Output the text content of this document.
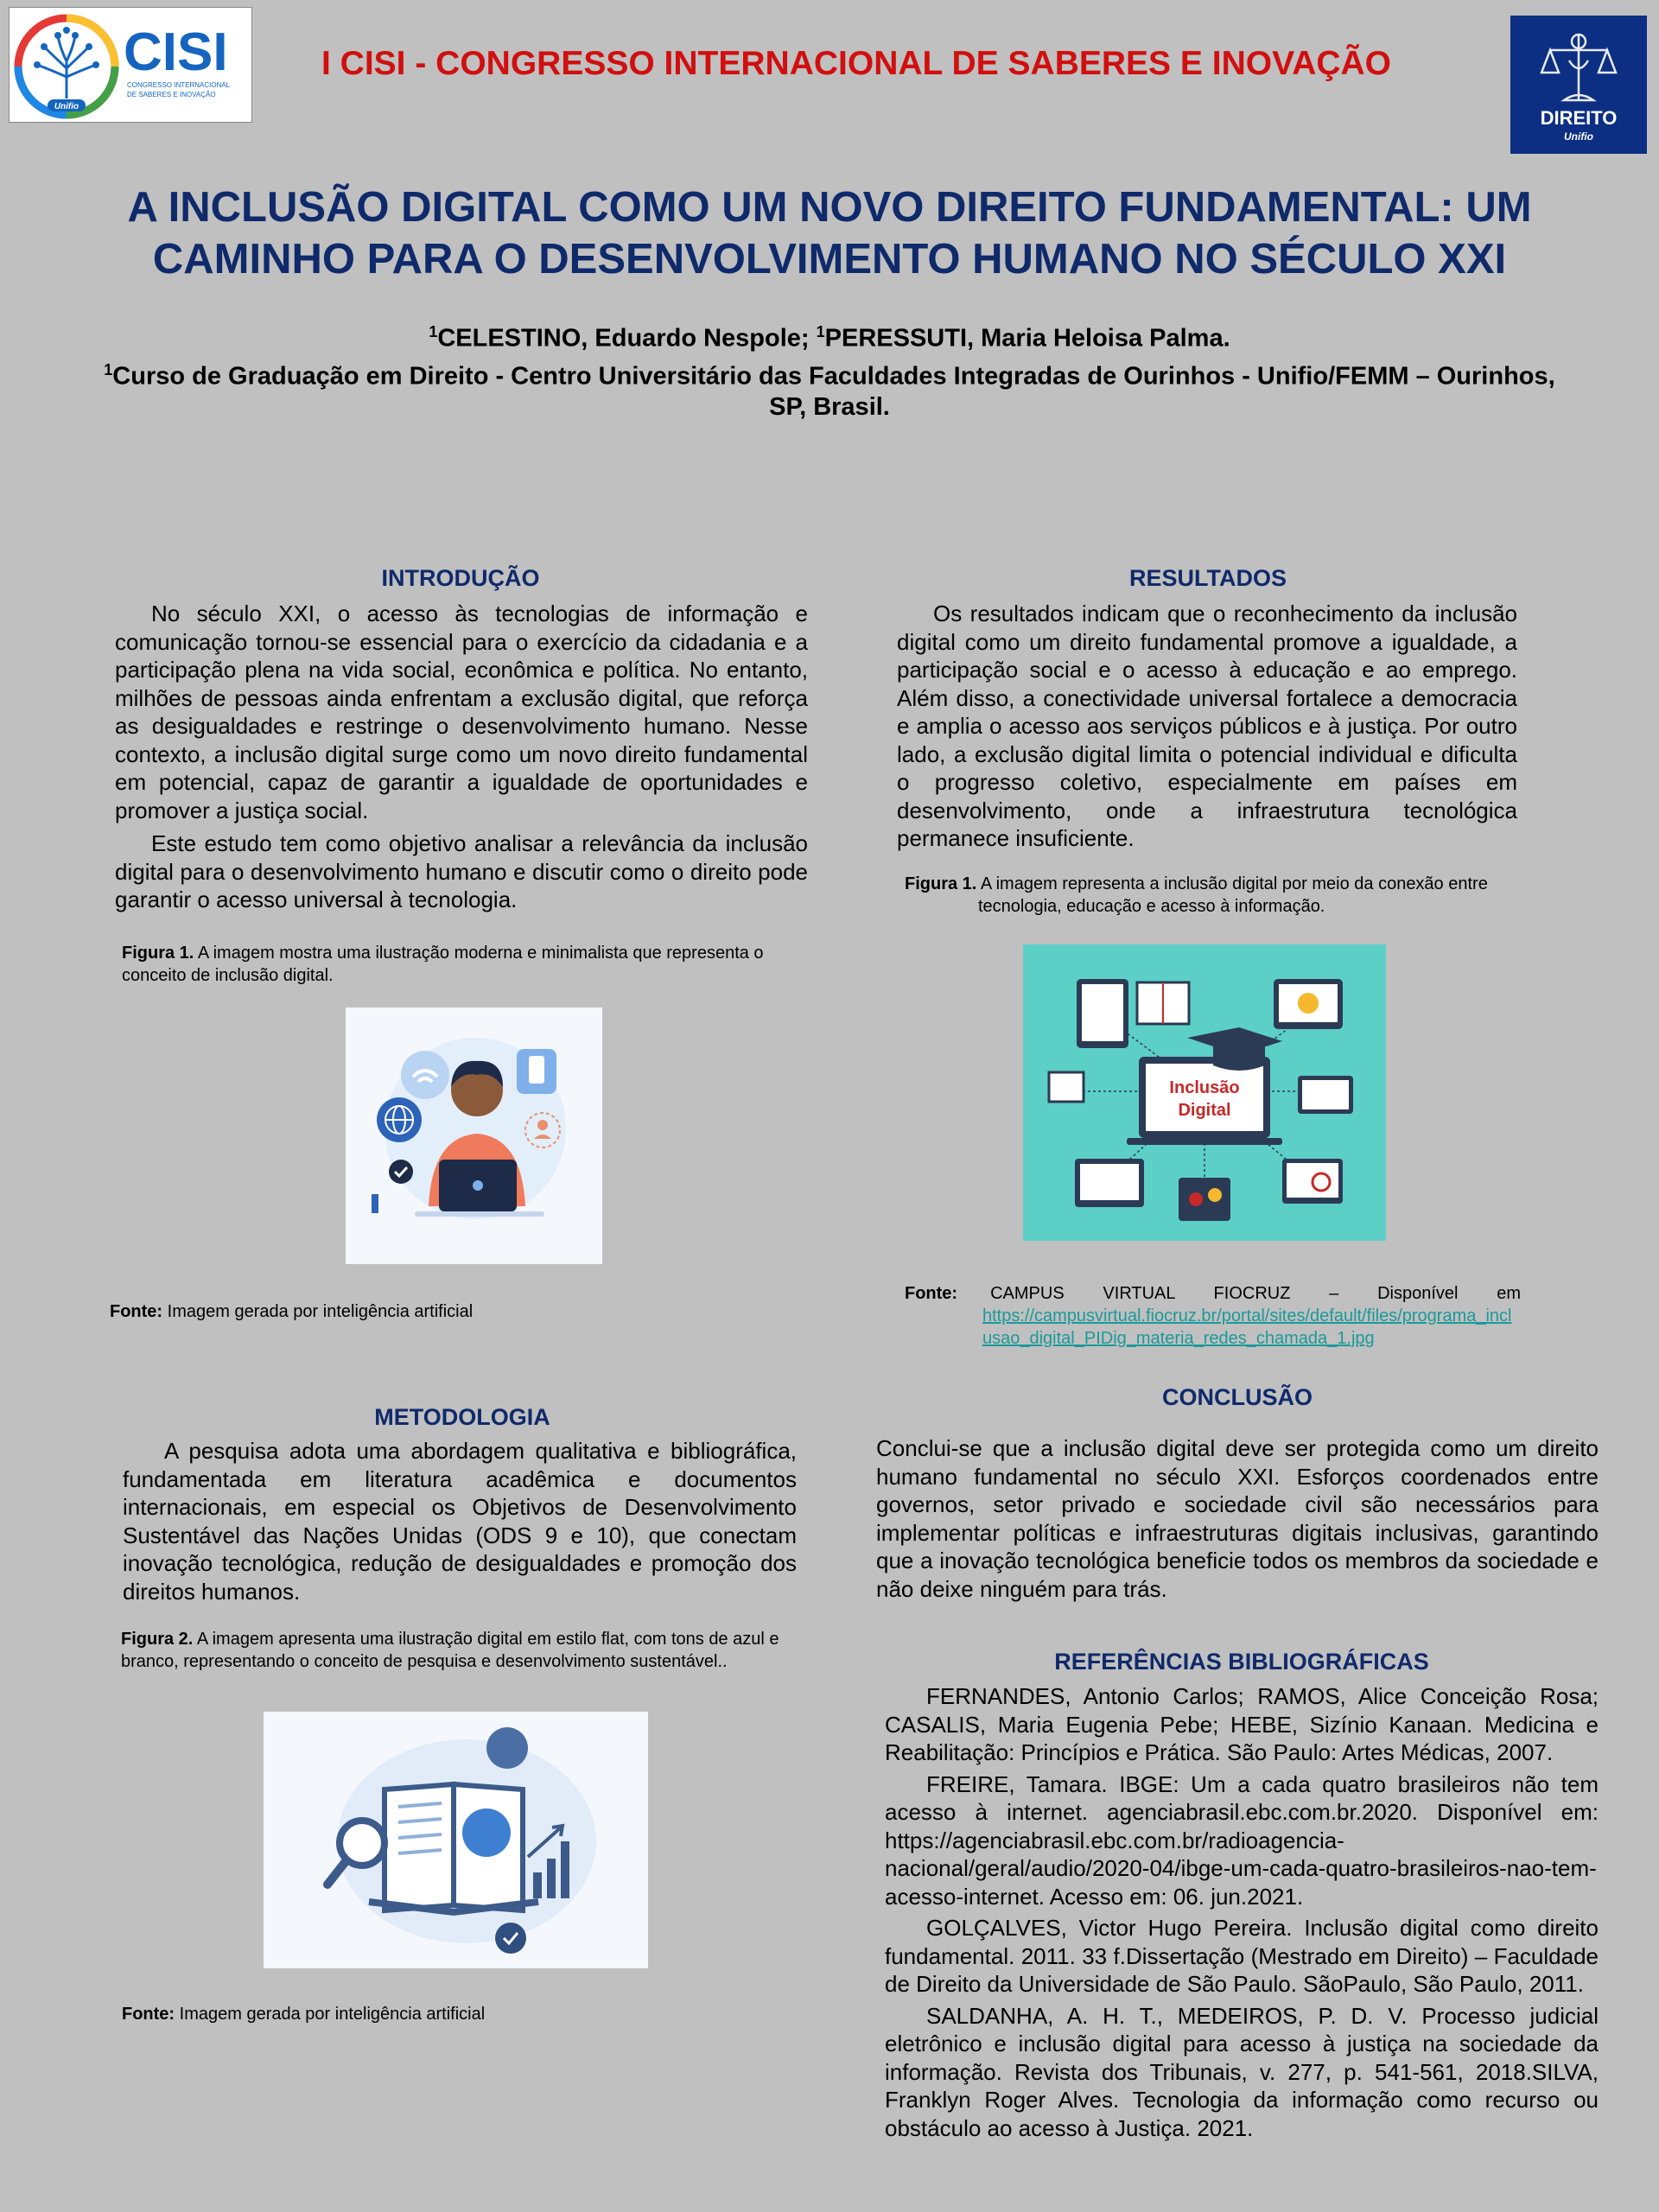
Unifio
CISI
CONGRESSO INTERNACIONAL
DE SABERES E INOVAÇÃO
I CISI - CONGRESSO INTERNACIONAL DE SABERES E INOVAÇÃO
DIREITO
Unifio
A INCLUSÃO DIGITAL COMO UM NOVO DIREITO FUNDAMENTAL: UM
CAMINHO PARA O DESENVOLVIMENTO HUMANO NO SÉCULO XXI
$^1$CELESTINO, Eduardo Nespole; $^1$PERESSUTI, Maria Heloisa Palma.
$^1$Curso de Graduação em Direito - Centro Universitário das Faculdades Integradas de Ourinhos - Unifio/FEMM – Ourinhos, SP, Brasil.
INTRODUÇÃO

No século XXI, o acesso às tecnologias de informação e comunicação tornou-se essencial para o exercício da cidadania e a participação plena na vida social, econômica e política. No entanto, milhões de pessoas ainda enfrentam a exclusão digital, que reforça as desigualdades e restringe o desenvolvimento humano. Nesse contexto, a inclusão digital surge como um novo direito fundamental em potencial, capaz de garantir a igualdade de oportunidades e promover a justiça social.

Este estudo tem como objetivo analisar a relevância da inclusão digital para o desenvolvimento humano e discutir como o direito pode garantir o acesso universal à tecnologia.

Figura 1. A imagem mostra uma ilustração moderna e minimalista que representa o conceito de inclusão digital.
Fonte: Imagem gerada por inteligência artificial
RESULTADOS

Os resultados indicam que o reconhecimento da inclusão digital como um direito fundamental promove a igualdade, a participação social e o acesso à educação e ao emprego. Além disso, a conectividade universal fortalece a democracia e amplia o acesso aos serviços públicos e à justiça. Por outro lado, a exclusão digital limita o potencial individual e dificulta o progresso coletivo, especialmente em países em desenvolvimento, onde a infraestrutura tecnológica permanece insuficiente.

Figura 1. A imagem representa a inclusão digital por meio da conexão entre tecnologia, educação e acesso à informação.
Inclusão
Digital
Fonte: CAMPUS VIRTUAL FIOCRUZ – Disponível em
https://campusvirtual.fiocruz.br/portal/sites/default/files/programa_inclusao_digital_PIDig_materia_redes_chamada_1.jpg
METODOLOGIA

A pesquisa adota uma abordagem qualitativa e bibliográfica, fundamentada em literatura acadêmica e documentos internacionais, em especial os Objetivos de Desenvolvimento Sustentável das Nações Unidas (ODS 9 e 10), que conectam inovação tecnológica, redução de desigualdades e promoção dos direitos humanos.

Figura 2. A imagem apresenta uma ilustração digital em estilo flat, com tons de azul e branco, representando o conceito de pesquisa e desenvolvimento sustentável..
Fonte: Imagem gerada por inteligência artificial
CONCLUSÃO

Conclui-se que a inclusão digital deve ser protegida como um direito humano fundamental no século XXI. Esforços coordenados entre governos, setor privado e sociedade civil são necessários para implementar políticas e infraestruturas digitais inclusivas, garantindo que a inovação tecnológica beneficie todos os membros da sociedade e não deixe ninguém para trás.

REFERÊNCIAS BIBLIOGRÁFICAS

FERNANDES, Antonio Carlos; RAMOS, Alice Conceição Rosa; CASALIS, Maria Eugenia Pebe; HEBE, Sizínio Kanaan. Medicina e Reabilitação: Princípios e Prática. São Paulo: Artes Médicas, 2007.

FREIRE, Tamara. IBGE: Um a cada quatro brasileiros não tem acesso à internet. agenciabrasil.ebc.com.br.2020. Disponível em: https://agenciabrasil.ebc.com.br/radioagencia-nacional/geral/audio/2020-04/ibge-um-cada-quatro-brasileiros-nao-tem-acesso-internet. Acesso em: 06. jun.2021.

GOLÇALVES, Victor Hugo Pereira. Inclusão digital como direito fundamental. 2011. 33 f.Dissertação (Mestrado em Direito) – Faculdade de Direito da Universidade de São Paulo. SãoPaulo, São Paulo, 2011.

SALDANHA, A. H. T., MEDEIROS, P. D. V. Processo judicial eletrônico e inclusão digital para acesso à justiça na sociedade da informação. Revista dos Tribunais, v. 277, p. 541-561, 2018.SILVA, Franklyn Roger Alves. Tecnologia da informação como recurso ou obstáculo ao acesso à Justiça. 2021.
